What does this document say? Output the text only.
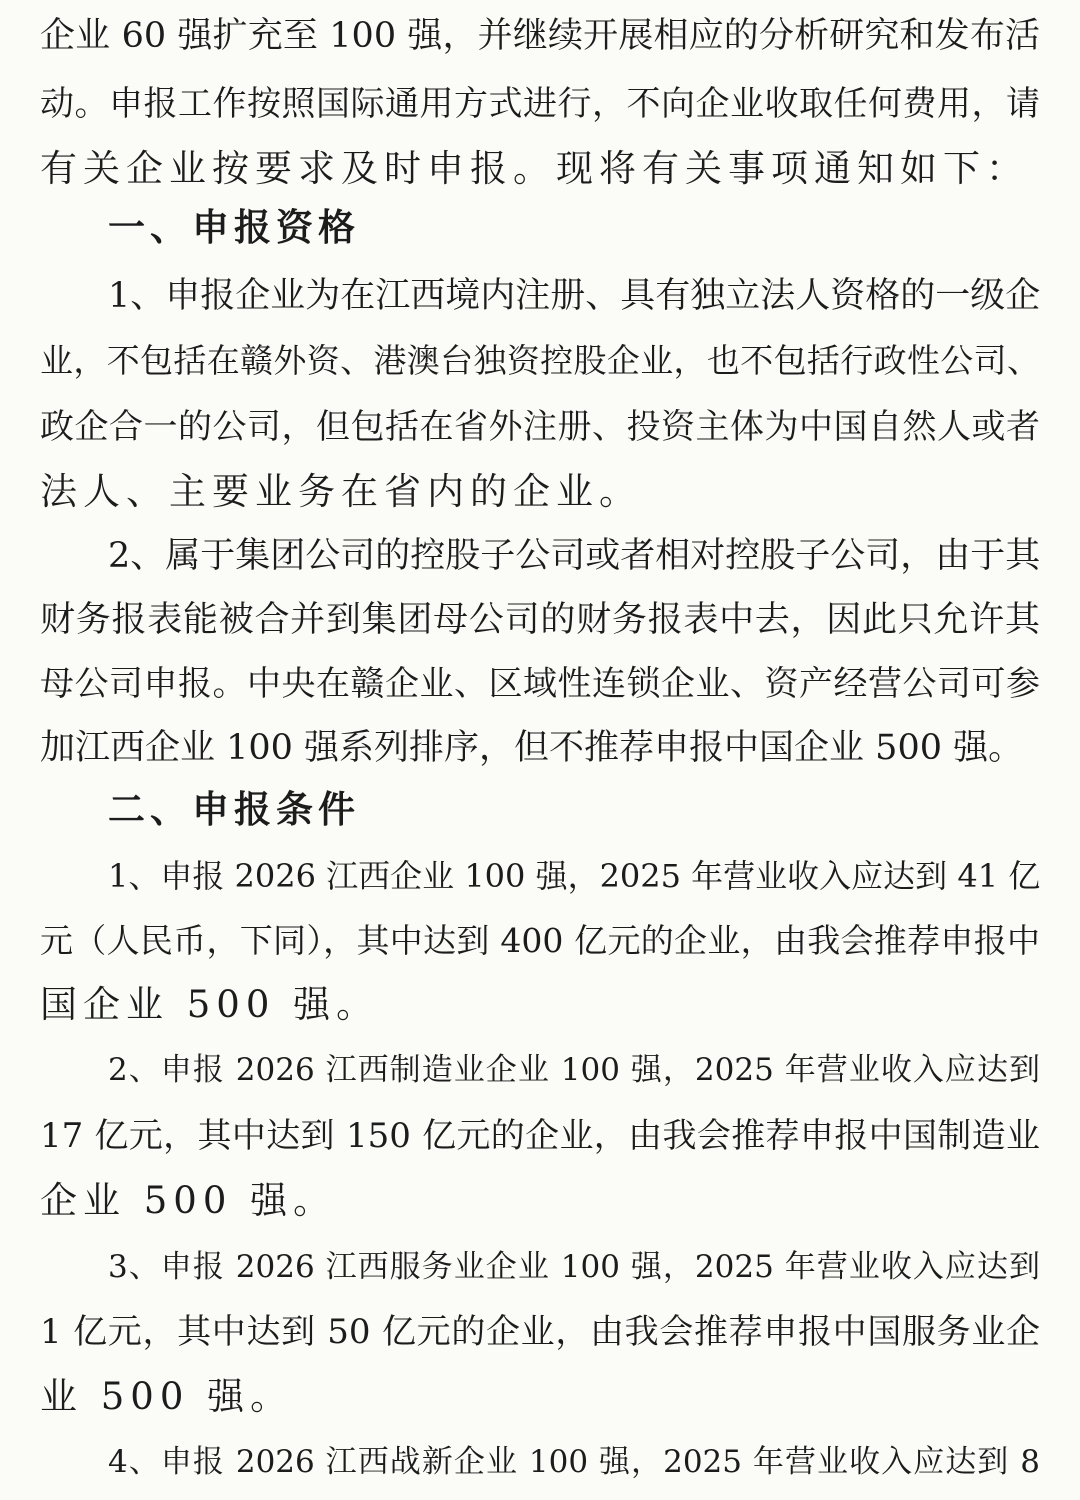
企业 60 强扩充至 100 强，并继续开展相应的分析研究和发布活
动。申报工作按照国际通用方式进行，不向企业收取任何费用，请
有关企业按要求及时申报。现将有关事项通知如下：
一、申报资格
1、申报企业为在江西境内注册、具有独立法人资格的一级企
业，不包括在赣外资、港澳台独资控股企业，也不包括行政性公司、
政企合一的公司，但包括在省外注册、投资主体为中国自然人或者
法人、主要业务在省内的企业。
2、属于集团公司的控股子公司或者相对控股子公司，由于其
财务报表能被合并到集团母公司的财务报表中去，因此只允许其
母公司申报。中央在赣企业、区域性连锁企业、资产经营公司可参
加江西企业 100 强系列排序，但不推荐申报中国企业 500 强。
二、申报条件
1、申报 2026 江西企业 100 强，2025 年营业收入应达到 41 亿
元（人民币，下同），其中达到 400 亿元的企业，由我会推荐申报中
国企业 500 强。
2、申报 2026 江西制造业企业 100 强，2025 年营业收入应达到
17 亿元，其中达到 150 亿元的企业，由我会推荐申报中国制造业
企业 500 强。
3、申报 2026 江西服务业企业 100 强，2025 年营业收入应达到
1 亿元，其中达到 50 亿元的企业，由我会推荐申报中国服务业企
业 500 强。
4、申报 2026 江西战新企业 100 强，2025 年营业收入应达到 8
